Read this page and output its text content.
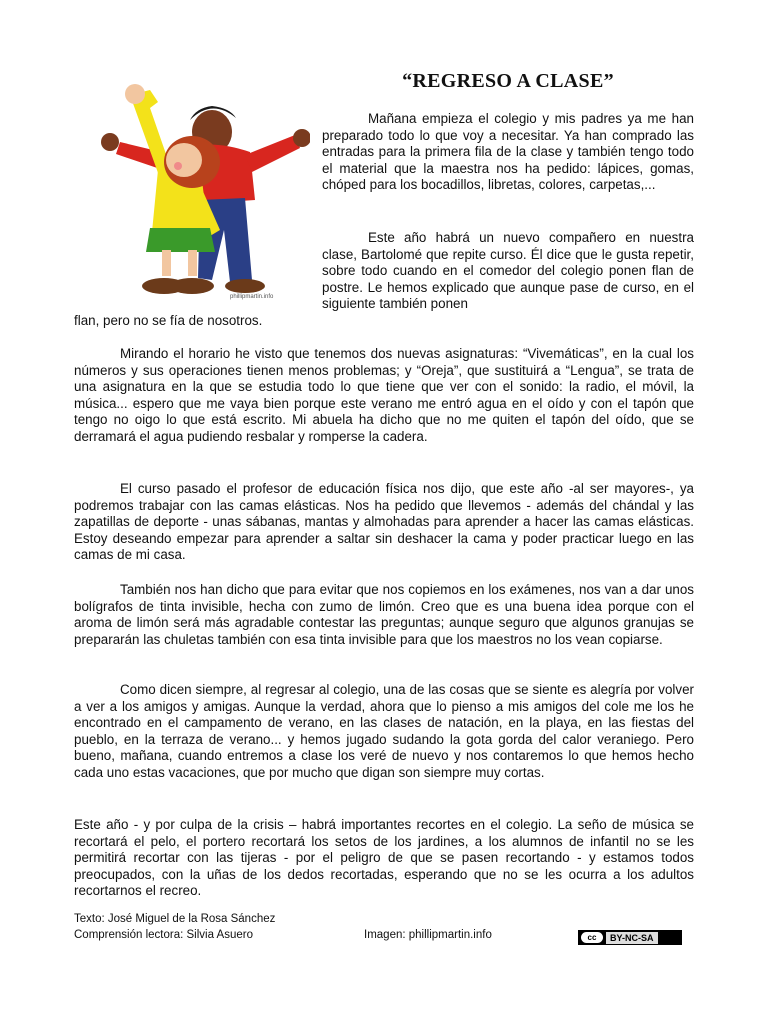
phillipmartin.info
“REGRESO A CLASE”

Mañana empieza el colegio y mis padres ya me han preparado todo lo que voy a necesitar. Ya han comprado las entradas para la primera fila de la clase y también tengo todo el material que la maestra nos ha pedido: lápices, gomas, chóped para los bocadillos, libretas, colores, carpetas,...

Este año habrá un nuevo compañero en nuestra clase, Bartolomé que repite curso. Él dice que le gusta repetir, sobre todo cuando en el comedor del colegio ponen flan de postre. Le hemos explicado que aunque pase de curso, en el siguiente también ponen

flan, pero no se fía de nosotros.

Mirando el horario he visto que tenemos dos nuevas asignaturas: “Vivemáticas”, en la cual los números y sus operaciones tienen menos problemas; y “Oreja”, que sustituirá a “Lengua”, se trata de una asignatura en la que se estudia todo lo que tiene que ver con el sonido: la radio, el móvil, la música... espero que me vaya bien porque este verano me entró agua en el oído y con el tapón que tengo no oigo lo que está escrito. Mi abuela ha dicho que no me quiten el tapón del oído, que se derramará el agua pudiendo resbalar y romperse la cadera.

El curso pasado el profesor de educación física nos dijo, que este año -al ser mayores-, ya podremos trabajar con las camas elásticas. Nos ha pedido que llevemos - además del chándal y las zapatillas de deporte - unas sábanas, mantas y almohadas para aprender a hacer las camas elásticas. Estoy deseando empezar para aprender a saltar sin deshacer la cama y poder practicar luego en las camas de mi casa.

También nos han dicho que para evitar que nos copiemos en los exámenes, nos van a dar unos bolígrafos de tinta invisible, hecha con zumo de limón. Creo que es una buena idea porque con el aroma de limón será más agradable contestar las preguntas; aunque seguro que algunos granujas se prepararán las chuletas también con esa tinta invisible para que los maestros no los vean copiarse.

Como dicen siempre, al regresar al colegio, una de las cosas que se siente es alegría por volver a ver a los amigos y amigas. Aunque la verdad, ahora que lo pienso a mis amigos del cole me los he encontrado en el campamento de verano, en las clases de natación, en la playa, en las fiestas del pueblo, en la terraza de verano... y hemos jugado sudando la gota gorda del calor veraniego. Pero bueno, mañana, cuando entremos a clase los veré de nuevo y nos contaremos lo que hemos hecho cada uno estas vacaciones, que por mucho que digan son siempre muy cortas.

Este año - y por culpa de la crisis – habrá importantes recortes en el colegio. La seño de música se recortará el pelo, el portero recortará los setos de los jardines, a los alumnos de infantil no se les permitirá recortar con las tijeras - por el peligro de que se pasen recortando - y estamos todos preocupados, con la uñas de los dedos recortadas, esperando que no se les ocurra a los adultos recortarnos el recreo.

Texto: José Miguel de la Rosa Sánchez
Comprensión lectora: Silvia Asuero	Imagen: phillipmartin.info	cc	BY-NC-SA
